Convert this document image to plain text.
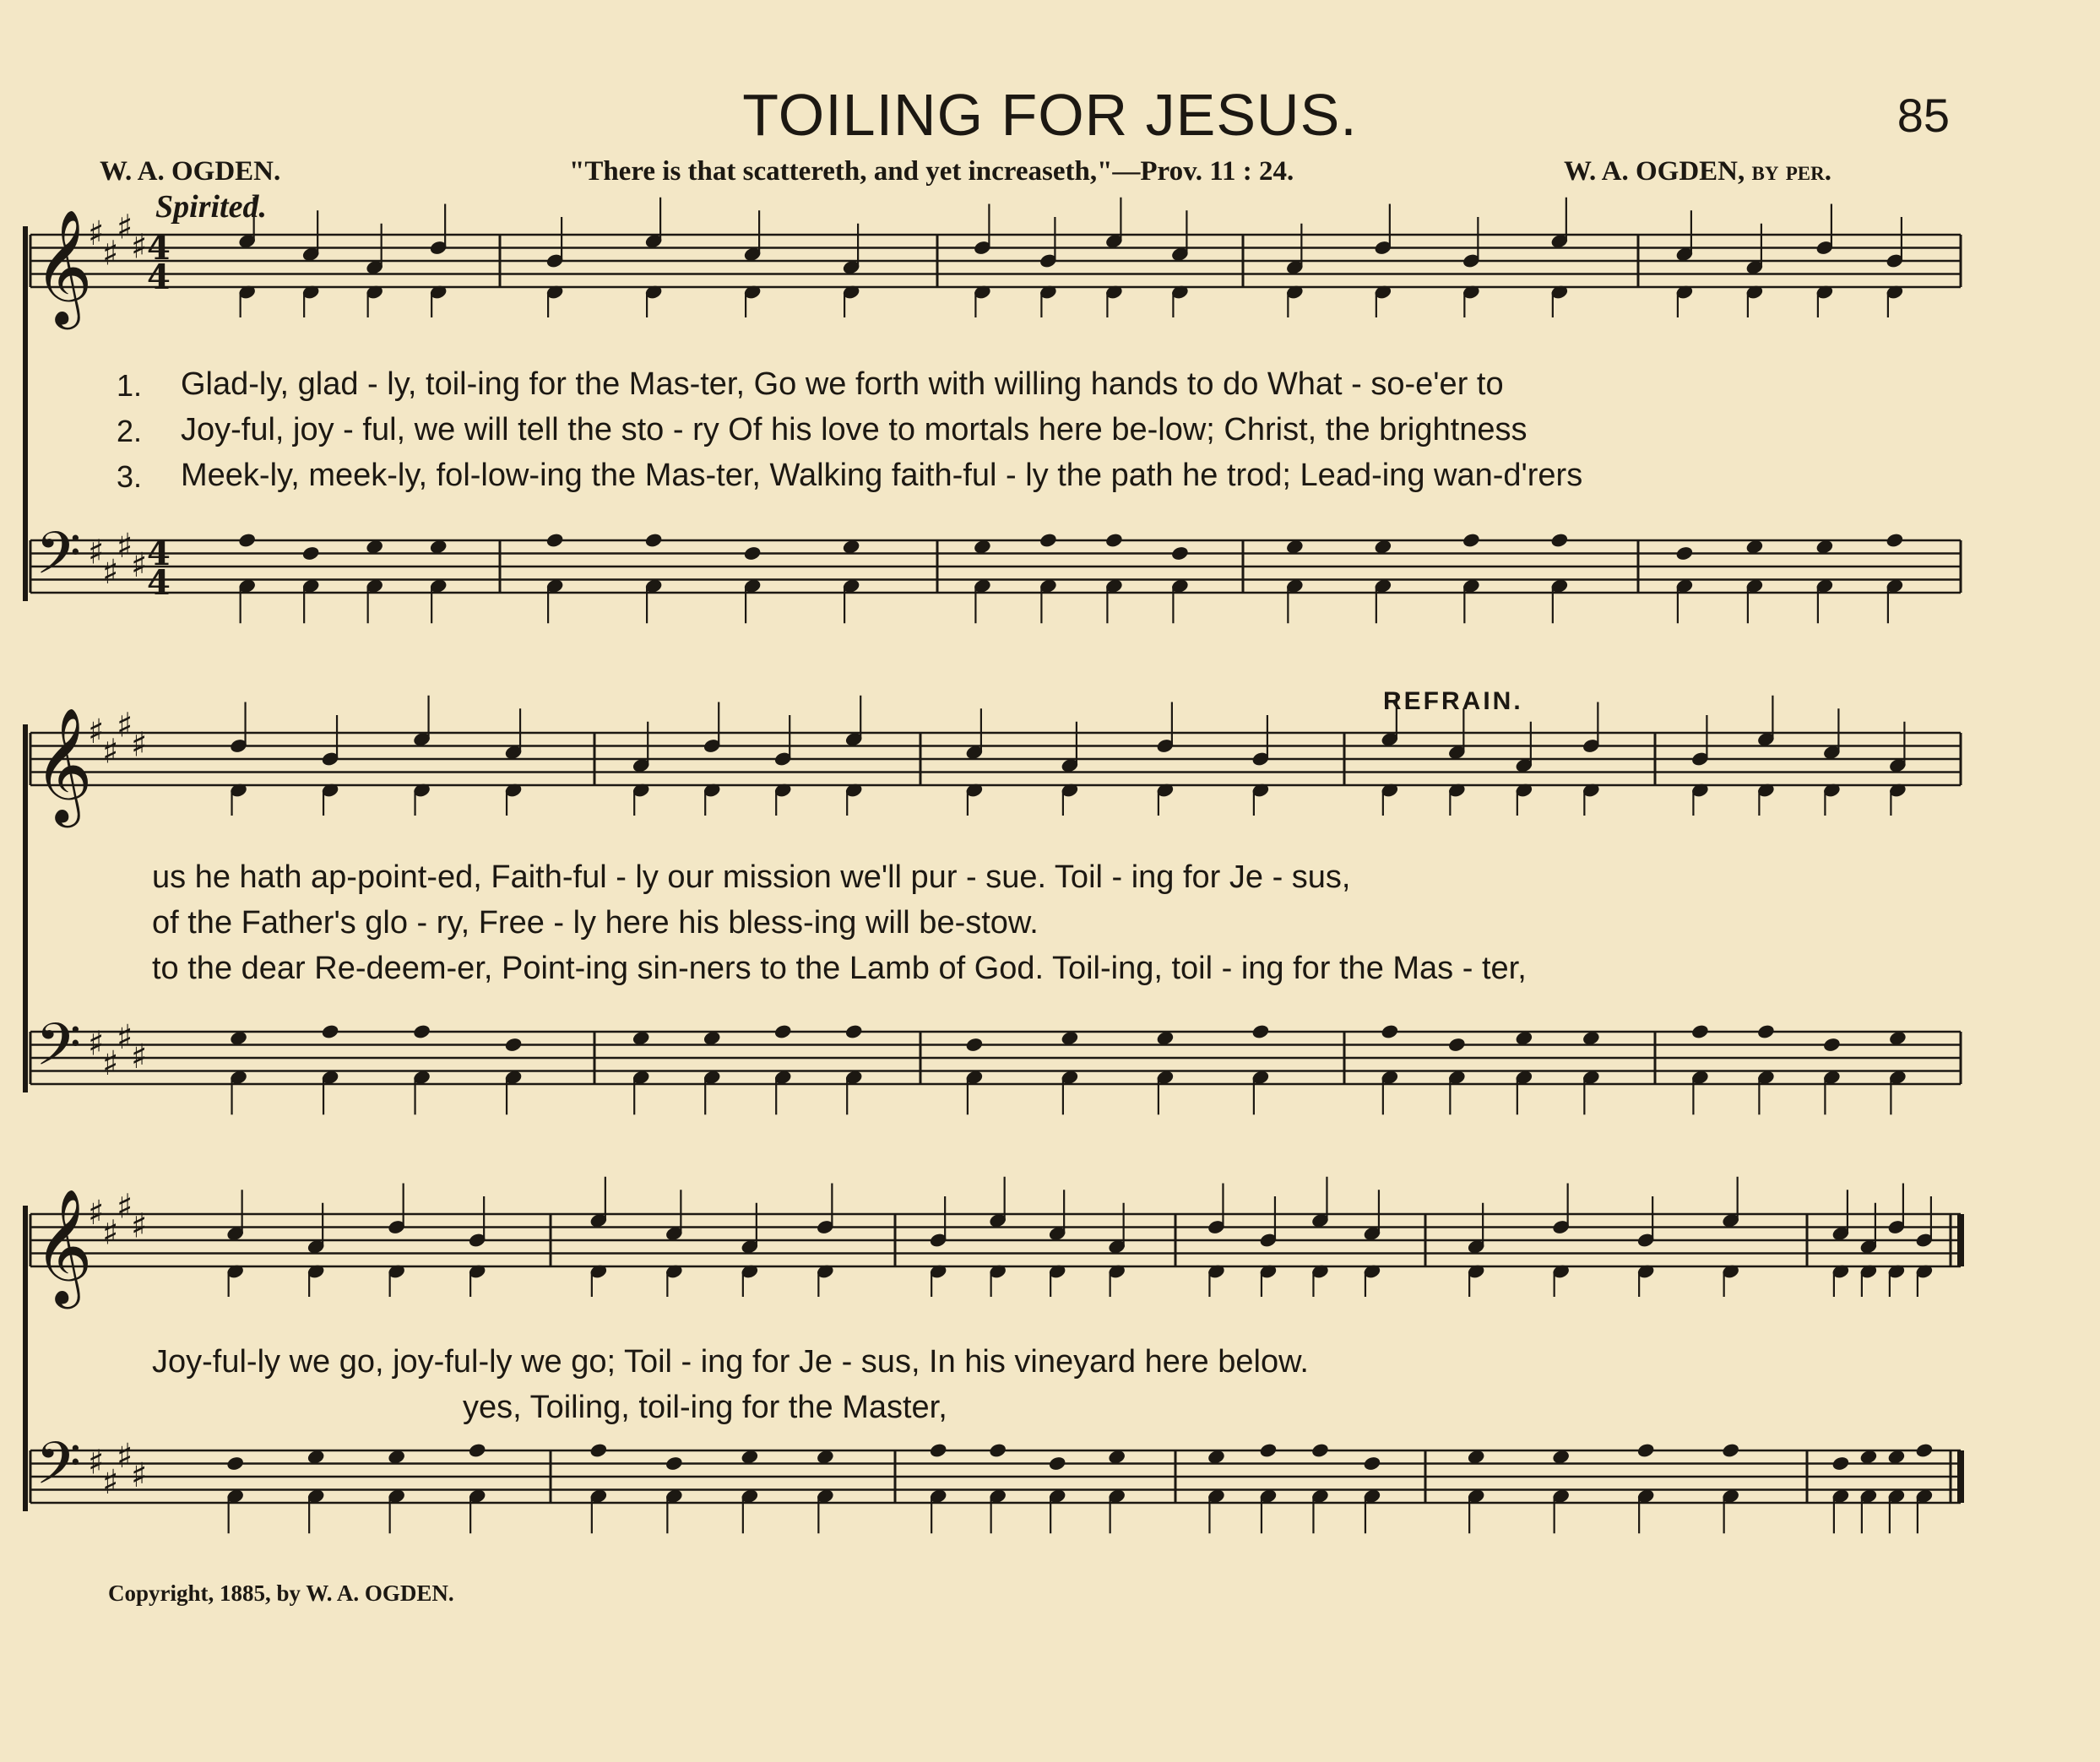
TOILING FOR JESUS.	85
W. A. OGDEN.	"There is that scattereth, and yet increaseth,"—Prov. 11 : 24.	W. A. OGDEN, by per.
Spirited.
𝄞
𝄢
♯
♯
♯
♯
♯
♯
♯
♯
4
4
4
4
𝄞
𝄢
♯
♯
♯
♯
♯
♯
♯
♯
𝄞
𝄢
♯
♯
♯
♯
♯
♯
♯
♯
1.
2.
3.
Glad-ly, glad - ly, toil-ing for the Mas-ter, Go we forth with willing hands to do What - so-e'er to
Joy-ful, joy - ful, we will tell the sto - ry Of his love to mortals here be-low; Christ, the brightness
Meek-ly, meek-ly, fol-low-ing the Mas-ter, Walking faith-ful - ly the path he trod; Lead-ing wan-d'rers
REFRAIN.
us he hath ap-point-ed, Faith-ful - ly our mission we'll pur - sue. Toil - ing for Je - sus,
of the Father's glo - ry, Free - ly here his bless-ing will be-stow.
to the dear Re-deem-er, Point-ing sin-ners to the Lamb of God. Toil-ing, toil - ing for the Mas - ter,
Joy-ful-ly we go, joy-ful-ly we go; Toil - ing for Je - sus, In his vineyard here below.
yes, Toiling, toil-ing for the Master,
Copyright, 1885, by W. A. OGDEN.
